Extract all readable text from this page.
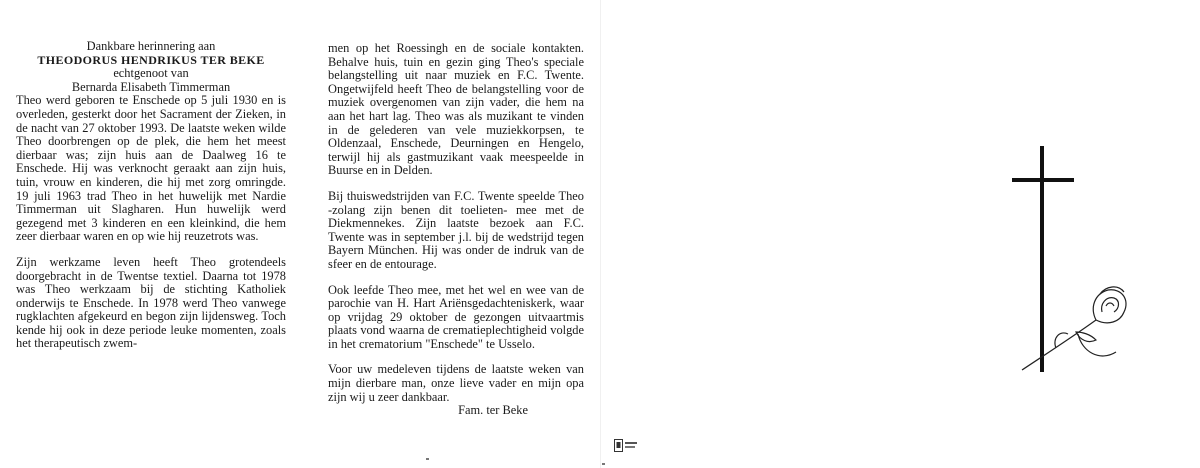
Dankbare herinnering aan

THEODORUS HENDRIKUS TER BEKE

echtgenoot van

Bernarda Elisabeth Timmerman

Theo werd geboren te Enschede op 5 juli 1930 en is overleden, gesterkt door het Sacrament der Zieken, in de nacht van 27 oktober 1993. De laatste weken wilde Theo doorbrengen op de plek, die hem het meest dierbaar was; zijn huis aan de Daalweg 16 te Enschede. Hij was verknocht geraakt aan zijn huis, tuin, vrouw en kinderen, die hij met zorg omringde. 19 juli 1963 trad Theo in het huwelijk met Nardie Timmerman uit Slagharen. Hun huwelijk werd gezegend met 3 kinderen en een kleinkind, die hem zeer dierbaar waren en op wie hij reuzetrots was.

Zijn werkzame leven heeft Theo grotendeels doorgebracht in de Twentse textiel. Daarna tot 1978 was Theo werkzaam bij de stichting Katholiek onderwijs te Enschede. In 1978 werd Theo vanwege rugklachten afgekeurd en begon zijn lijdensweg. Toch kende hij ook in deze periode leuke momenten, zoals het therapeutisch zwem-

men op het Roessingh en de sociale kontakten. Behalve huis, tuin en gezin ging Theo's speciale belangstelling uit naar muziek en F.C. Twente. Ongetwijfeld heeft Theo de belangstelling voor de muziek overgenomen van zijn vader, die hem na aan het hart lag. Theo was als muzikant te vinden in de gelederen van vele muziekkorpsen, te Oldenzaal, Enschede, Deurningen en Hengelo, terwijl hij als gastmuzikant vaak meespeelde in Buurse en in Delden.

Bij thuiswedstrijden van F.C. Twente speelde Theo -zolang zijn benen dit toelieten- mee met de Diekmennekes. Zijn laatste bezoek aan F.C. Twente was in september j.l. bij de wedstrijd tegen Bayern München. Hij was onder de indruk van de sfeer en de entourage.

Ook leefde Theo mee, met het wel en wee van de parochie van H. Hart Ariënsgedachteniskerk, waar op vrijdag 29 oktober de gezongen uitvaartmis plaats vond waarna de crematieplechtigheid volgde in het crematorium "Enschede" te Usselo.

Voor uw medeleven tijdens de laatste weken van mijn dierbare man, onze lieve vader en mijn opa zijn wij u zeer dankbaar.

Fam. ter Beke
